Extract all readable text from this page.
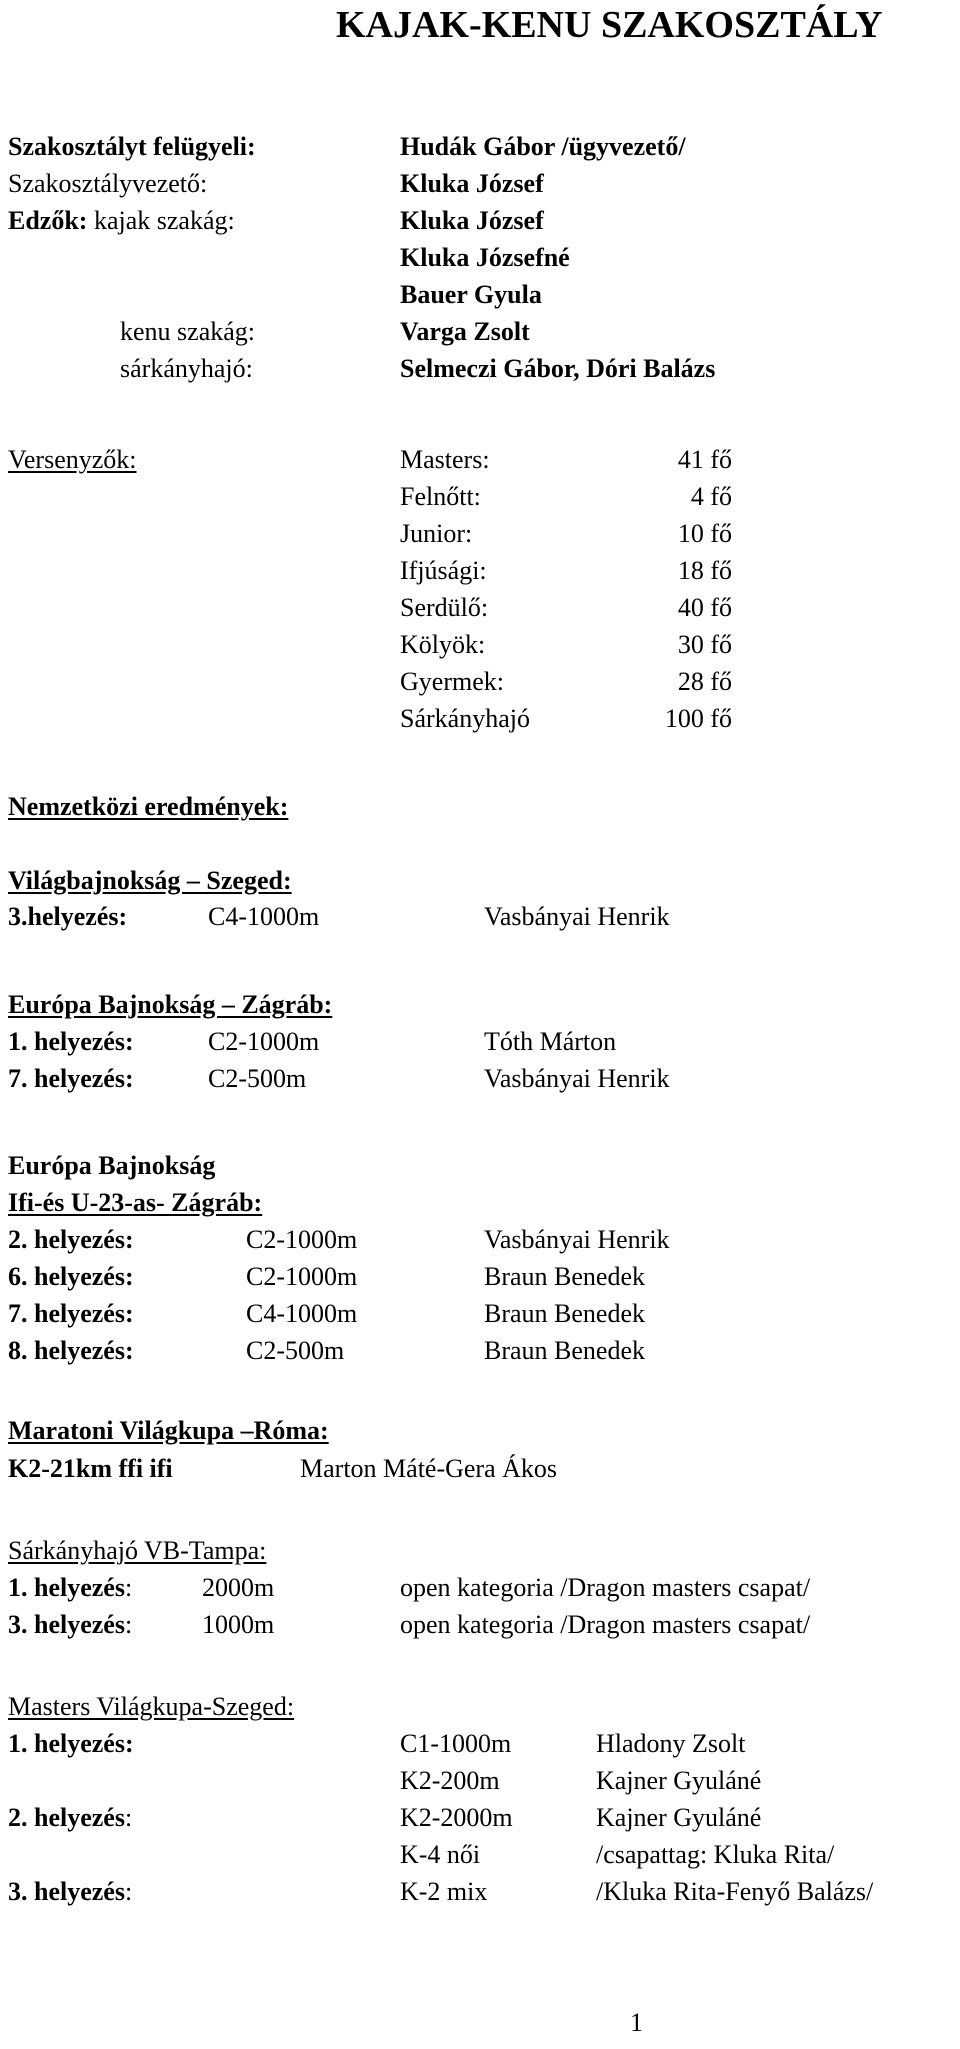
KAJAK-KENU SZAKOSZTÁLY
Szakosztályt felügyeli:	Hudák Gábor /ügyvezető/
Szakosztályvezető:	Kluka József
Edzők: kajak szakág:	Kluka József
Kluka Józsefné
Bauer Gyula
kenu szakág:	Varga Zsolt
sárkányhajó:	Selmeczi Gábor, Dóri Balázs
Versenyzők:	Masters:	41 fő
Felnőtt:	4 fő
Junior:	10 fő
Ifjúsági:	18 fő
Serdülő:	40 fő
Kölyök:	30 fő
Gyermek:	28 fő
Sárkányhajó	100 fő
Nemzetközi eredmények:
Világbajnokság – Szeged:
3.helyezés:	C4-1000m	Vasbányai Henrik
Európa Bajnokság – Zágráb:
1. helyezés:	C2-1000m	Tóth Márton
7. helyezés:	C2-500m	Vasbányai Henrik
Európa Bajnokság
Ifi-és U-23-as- Zágráb:
2. helyezés:	C2-1000m	Vasbányai Henrik
6. helyezés:	C2-1000m	Braun Benedek
7. helyezés:	C4-1000m	Braun Benedek
8. helyezés:	C2-500m	Braun Benedek
Maratoni Világkupa –Róma:
K2-21km ffi ifi	Marton Máté-Gera Ákos
Sárkányhajó VB-Tampa:
1. helyezés:	2000m	open kategoria /Dragon masters csapat/
3. helyezés:	1000m	open kategoria /Dragon masters csapat/
Masters Világkupa-Szeged:
1. helyezés:	C1-1000m	Hladony Zsolt
K2-200m	Kajner Gyuláné
2. helyezés:	K2-2000m	Kajner Gyuláné
K-4 női	/csapattag: Kluka Rita/
3. helyezés:	K-2 mix	/Kluka Rita-Fenyő Balázs/
1
